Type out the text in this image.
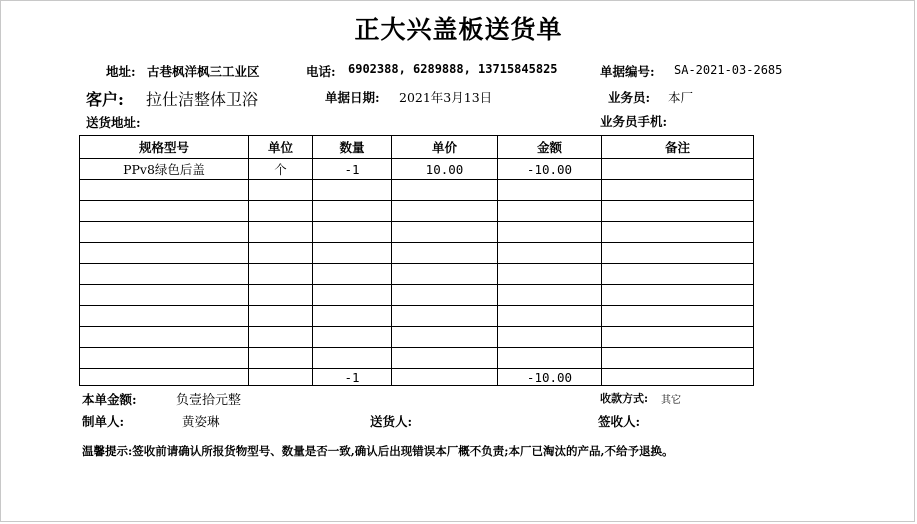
正大兴盖板送货单
地址: 古巷枫洋枫三工业区	电话: 6902388, 6289888, 13715845825	单据编号: SA-2021-03-2685
客户: 拉仕洁整体卫浴	单据日期: 2021年3月13日	业务员: 本厂
送货地址:	业务员手机:
规格型号	单位	数量	单价	金额	备注
PPv8绿色后盖	个	-1	10.00	-10.00	

		-1		-10.00	
本单金额:	负壹拾元整	收款方式: 其它
制单人:	黄姿琳	送货人:	签收人:
温馨提示:签收前请确认所报货物型号、数量是否一致,确认后出现错误本厂概不负责;本厂已淘汰的产品,不给予退换。
